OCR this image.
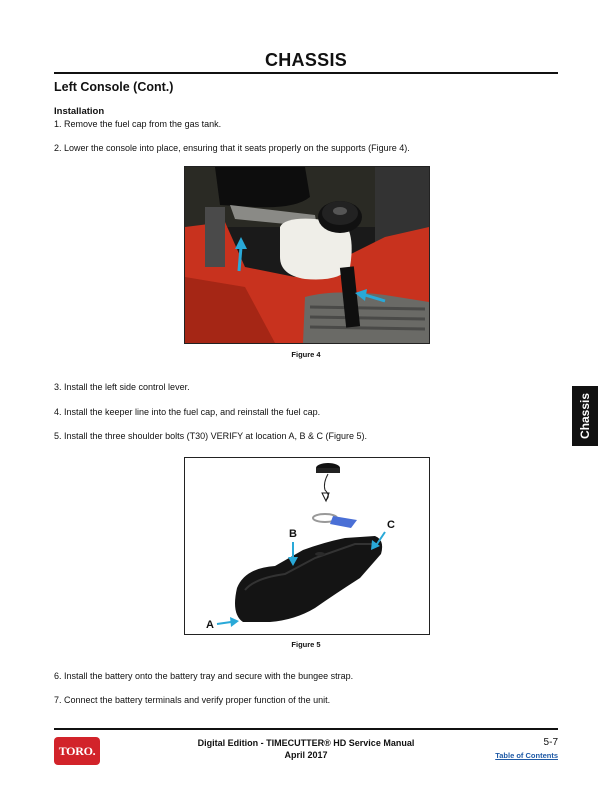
CHASSIS
Left Console (Cont.)
Installation
1. Remove the fuel cap from the gas tank.
2. Lower the console into place, ensuring that it seats properly on the supports (Figure 4).
Figure 4
3. Install the left side control lever.
4. Install the keeper line into the fuel cap, and reinstall the fuel cap.
5. Install the three shoulder bolts (T30) VERIFY at location A, B & C (Figure 5).
B
C
A
Figure 5
6. Install the battery onto the battery tray and secure with the bungee strap.
7. Connect the battery terminals and verify proper function of the unit.
Chassis
TORO.
Digital Edition - TIMECUTTER® HD Service Manual
April 2017
5-7
Table of Contents
